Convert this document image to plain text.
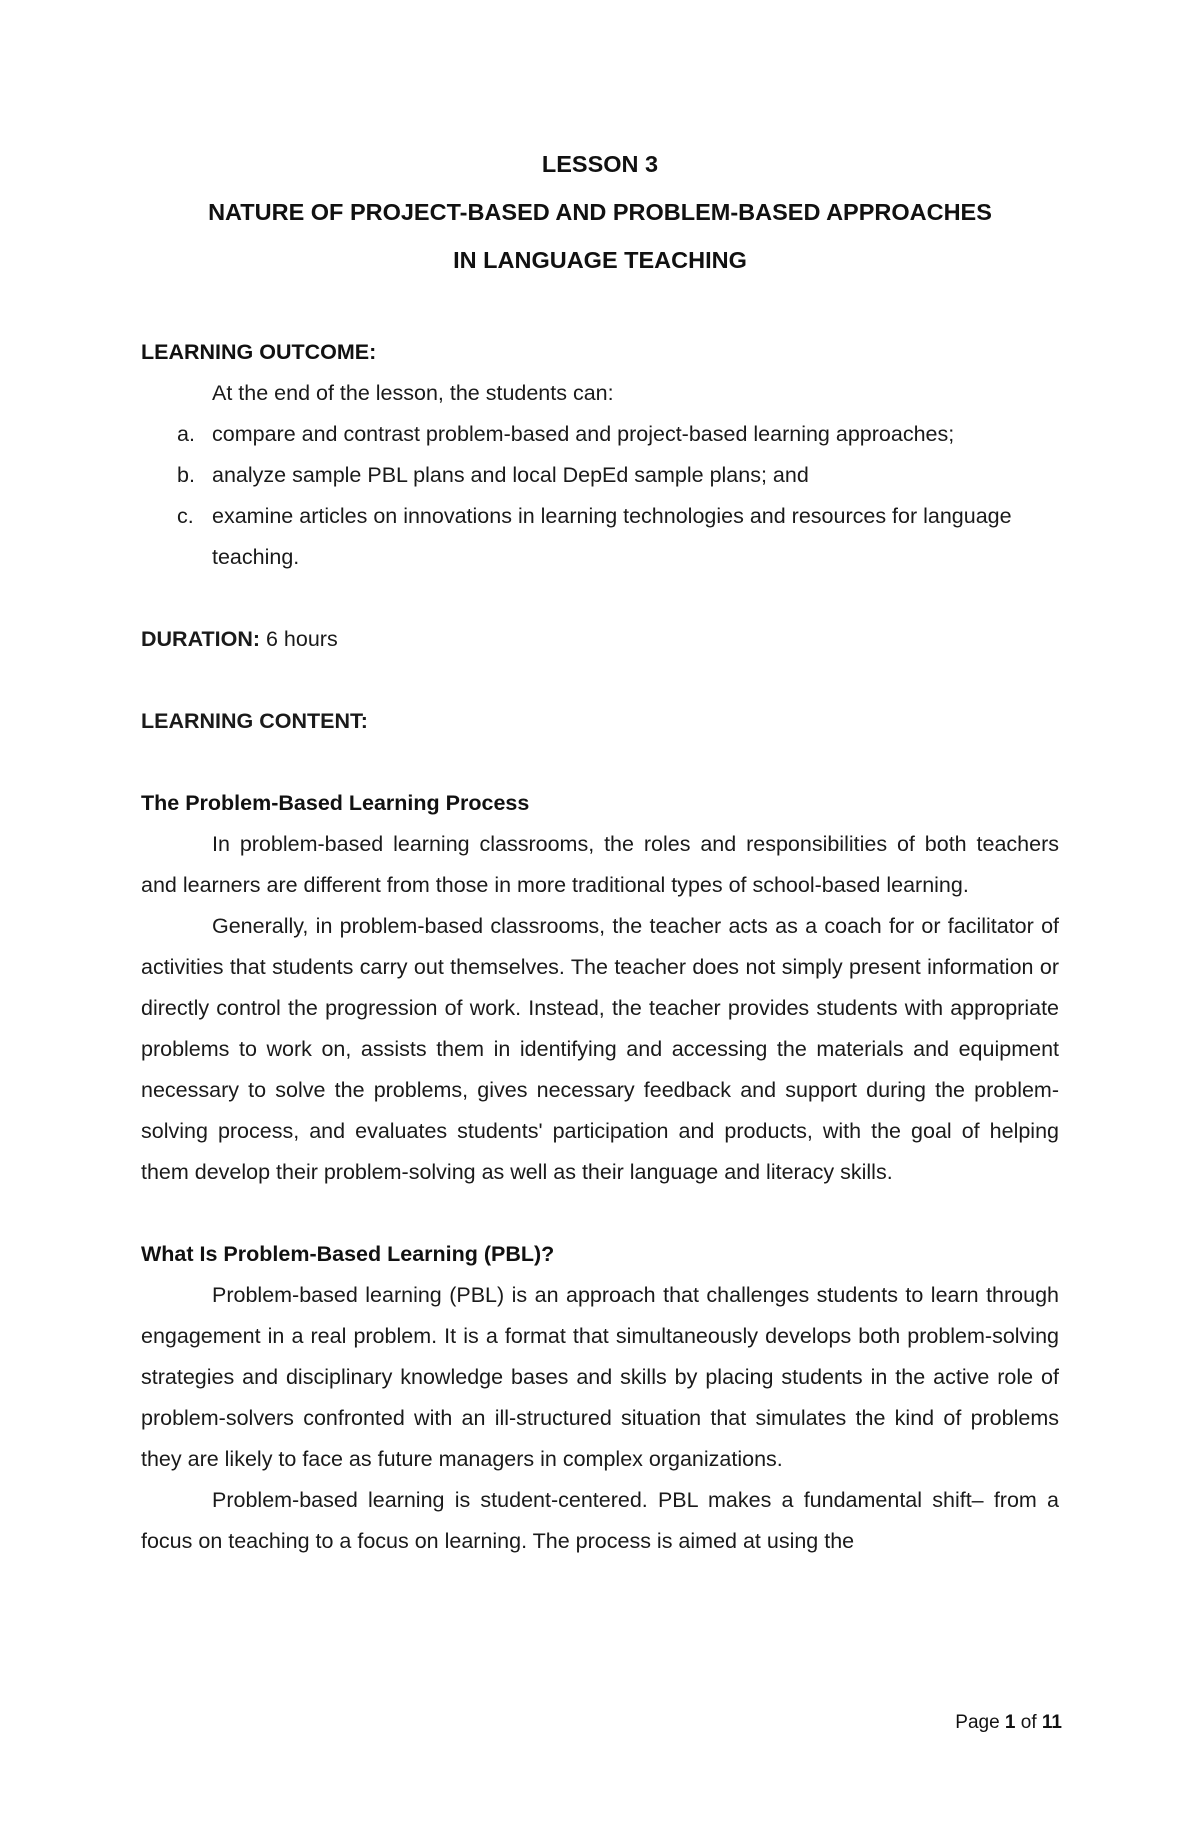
LESSON 3
NATURE OF PROJECT-BASED AND PROBLEM-BASED APPROACHES
IN LANGUAGE TEACHING
LEARNING OUTCOME:
At the end of the lesson, the students can:
a. compare and contrast problem-based and project-based learning approaches;
b. analyze sample PBL plans and local DepEd sample plans; and
c. examine articles on innovations in learning technologies and resources for language teaching.
DURATION: 6 hours
LEARNING CONTENT:
The Problem-Based Learning Process

In problem-based learning classrooms, the roles and responsibilities of both teachers and learners are different from those in more traditional types of school-based learning.

Generally, in problem-based classrooms, the teacher acts as a coach for or facilitator of activities that students carry out themselves. The teacher does not simply present information or directly control the progression of work. Instead, the teacher provides students with appropriate problems to work on, assists them in identifying and accessing the materials and equipment necessary to solve the problems, gives necessary feedback and support during the problem-solving process, and evaluates students' participation and products, with the goal of helping them develop their problem-solving as well as their language and literacy skills.

What Is Problem-Based Learning (PBL)?

Problem-based learning (PBL) is an approach that challenges students to learn through engagement in a real problem. It is a format that simultaneously develops both problem-solving strategies and disciplinary knowledge bases and skills by placing students in the active role of problem-solvers confronted with an ill-structured situation that simulates the kind of problems they are likely to face as future managers in complex organizations.

Problem-based learning is student-centered. PBL makes a fundamental shift– from a focus on teaching to a focus on learning. The process is aimed at using the

Page 1 of 11
